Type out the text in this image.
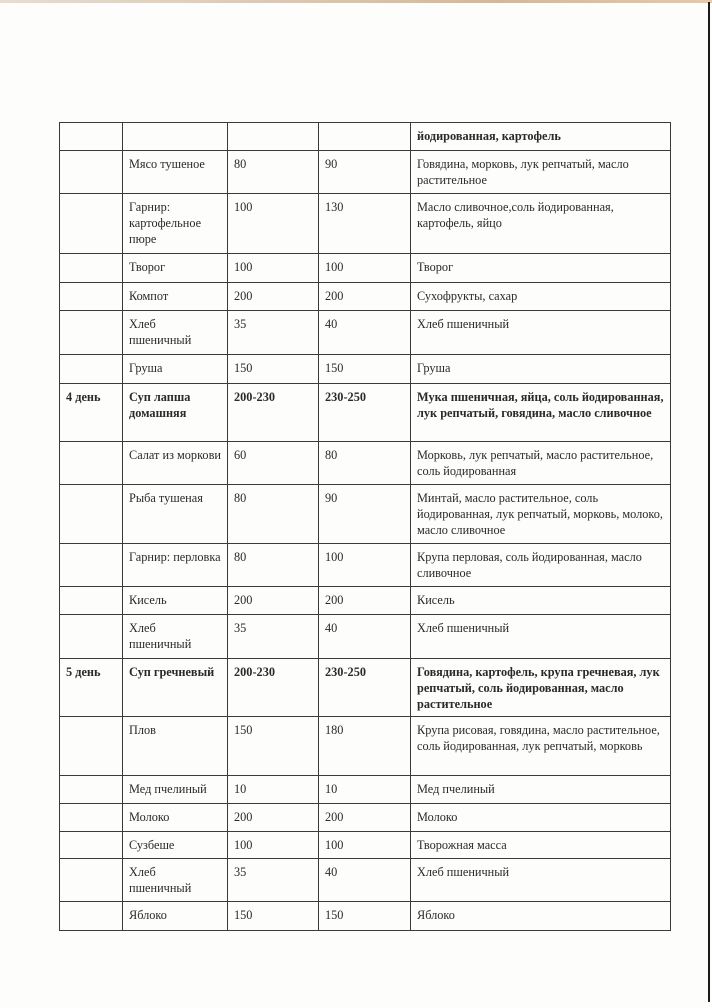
				йодированная, картофель
	Мясо тушеное	80	90	Говядина, морковь, лук репчатый, масло растительное
	Гарнир: картофельное пюре	100	130	Масло сливочное,соль йодированная, картофель, яйцо
	Творог	100	100	Творог
	Компот	200	200	Сухофрукты, сахар
	Хлеб пшеничный	35	40	Хлеб пшеничный
	Груша	150	150	Груша
4 день	Суп лапша домашняя	200-230	230-250	Мука пшеничная, яйца, соль йодированная, лук репчатый, говядина, масло сливочное
	Салат из моркови	60	80	Морковь, лук репчатый, масло растительное, соль йодированная
	Рыба тушеная	80	90	Минтай, масло растительное, соль йодированная, лук репчатый, морковь, молоко, масло сливочное
	Гарнир: перловка	80	100	Крупа перловая, соль йодированная, масло сливочное
	Кисель	200	200	Кисель
	Хлеб пшеничный	35	40	Хлеб пшеничный
5 день	Суп гречневый	200-230	230-250	Говядина, картофель, крупа гречневая, лук репчатый, соль йодированная, масло растительное
	Плов	150	180	Крупа рисовая, говядина, масло растительное, соль йодированная, лук репчатый, морковь
	Мед пчелиный	10	10	Мед пчелиный
	Молоко	200	200	Молоко
	Сузбеше	100	100	Творожная масса
	Хлеб пшеничный	35	40	Хлеб пшеничный
	Яблоко	150	150	Яблоко
